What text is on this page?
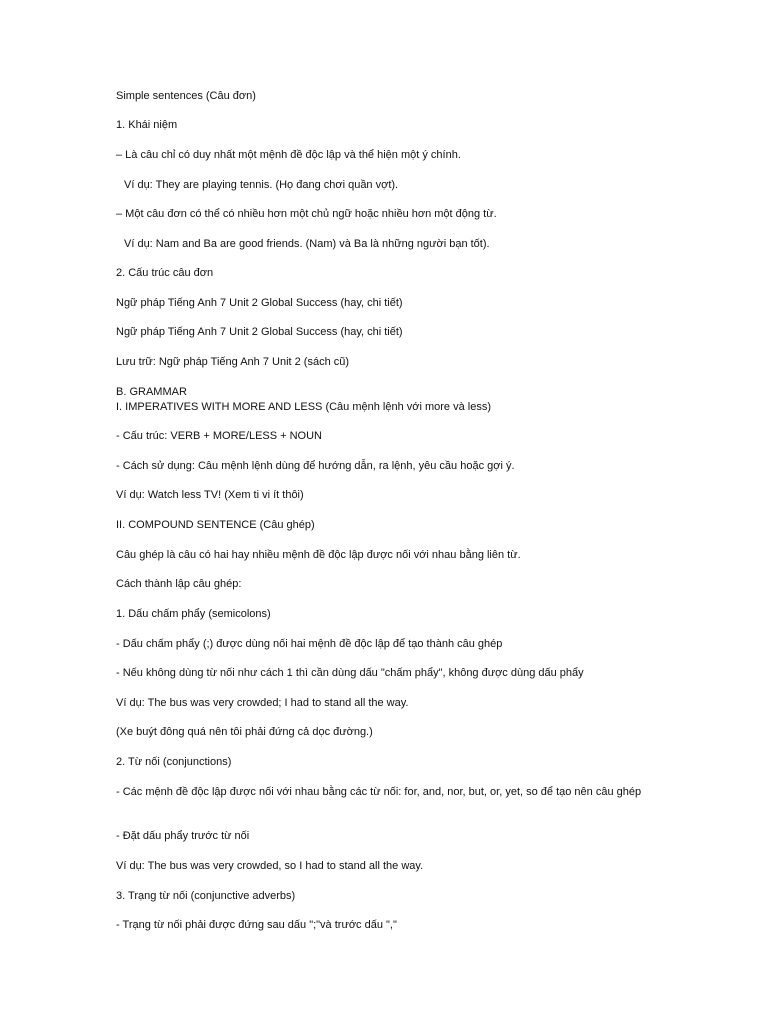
Simple sentences (Câu đơn)
1. Khái niệm
– Là câu chỉ có duy nhất một mệnh đề độc lập và thể hiện một ý chính.
Ví dụ: They are playing tennis. (Họ đang chơi quần vợt).
– Một câu đơn có thể có nhiều hơn một chủ ngữ hoặc nhiều hơn một động từ.
Ví dụ: Nam and Ba are good friends. (Nam) và Ba là những người bạn tốt).
2. Cấu trúc câu đơn
Ngữ pháp Tiếng Anh 7 Unit 2 Global Success (hay, chi tiết)
Ngữ pháp Tiếng Anh 7 Unit 2 Global Success (hay, chi tiết)
Lưu trữ: Ngữ pháp Tiếng Anh 7 Unit 2 (sách cũ)
B. GRAMMAR
I. IMPERATIVES WITH MORE AND LESS (Câu mệnh lệnh với more và less)
- Cấu trúc: VERB + MORE/LESS + NOUN
- Cách sử dụng: Câu mệnh lệnh dùng để hướng dẫn, ra lệnh, yêu cầu hoặc gợi ý.
Ví dụ: Watch less TV! (Xem ti vi ít thôi)
II. COMPOUND SENTENCE (Câu ghép)
Câu ghép là câu có hai hay nhiều mệnh đề độc lập được nối với nhau bằng liên từ.
Cách thành lập câu ghép:
1. Dấu chấm phẩy (semicolons)
- Dấu chấm phẩy (;) được dùng nối hai mệnh đề độc lập để tạo thành câu ghép
- Nếu không dùng từ nối như cách 1 thì cần dùng dấu "chấm phẩy", không được dùng dấu phẩy
Ví dụ: The bus was very crowded; I had to stand all the way.
(Xe buýt đông quá nên tôi phải đứng cả dọc đường.)
2. Từ nối (conjunctions)
- Các mệnh đề độc lập được nối với nhau bằng các từ nối: for, and, nor, but, or, yet, so để tạo nên câu ghép
- Đặt dấu phẩy trước từ nối
Ví dụ: The bus was very crowded, so I had to stand all the way.
3. Trạng từ nối (conjunctive adverbs)
- Trạng từ nối phải được đứng sau dấu ";"và trước dấu ","
